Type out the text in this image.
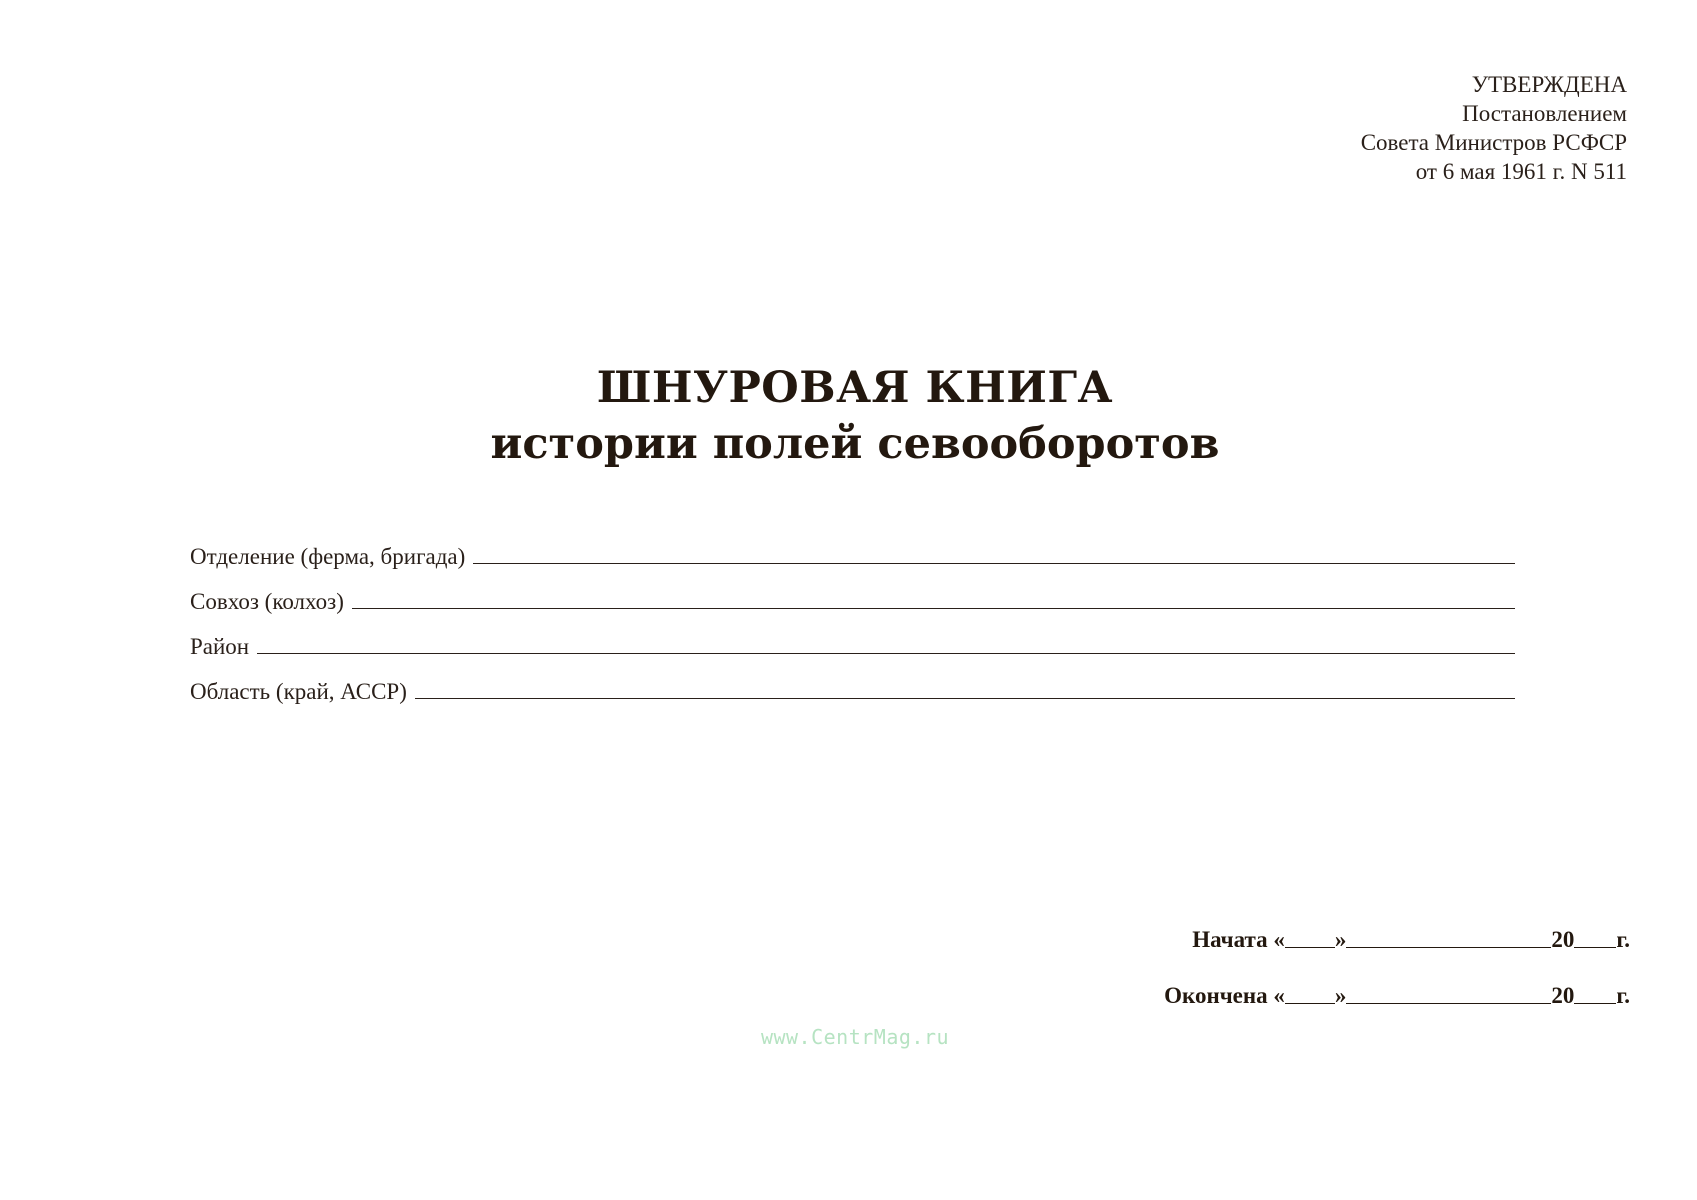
УТВЕРЖДЕНА
Постановлением
Совета Министров РСФСР
от 6 мая 1961 г. N 511
ШНУРОВАЯ КНИГА
истории полей севооборотов
Отделение (ферма, бригада)
Совхоз (колхоз)
Район
Область (край, АССР)
Начата
« »	20 г.
Окончена
« »	20 г.
www.CentrMag.ru
